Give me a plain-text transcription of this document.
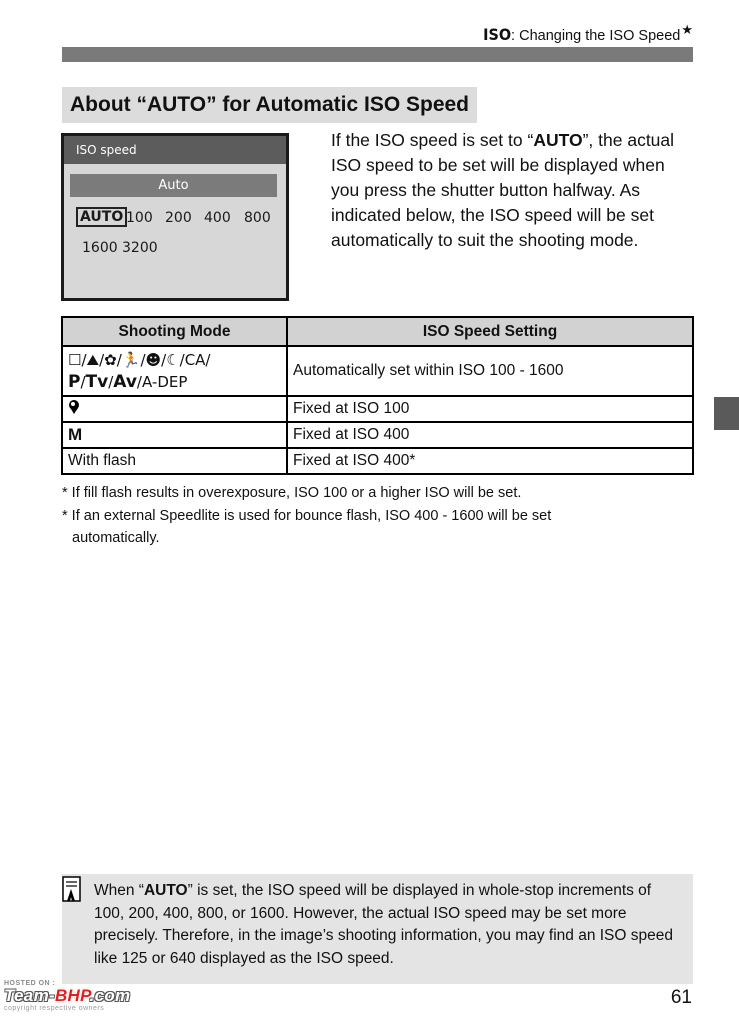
ISO: Changing the ISO Speed★
About “AUTO” for Automatic ISO Speed
ISO speed
Auto
AUTO 100 200 400 800
1600 3200
If the ISO speed is set to “AUTO”, the actual ISO speed to be set will be displayed when you press the shutter button halfway. As indicated below, the ISO speed will be set automatically to suit the shooting mode.
Shooting Mode	ISO Speed Setting

☐/⛰/✿/🏃/☻/☾/CA/
P/Tv/Av/A-DEP	Automatically set within ISO 100 - 1600
	Fixed at ISO 100
M	Fixed at ISO 400
With flash	Fixed at ISO 400*
* If fill flash results in overexposure, ISO 100 or a higher ISO will be set.
* If an external Speedlite is used for bounce flash, ISO 400 - 1600 will be set
automatically.
When “AUTO” is set, the ISO speed will be displayed in whole-stop increments of 100, 200, 400, 800, or 1600. However, the actual ISO speed may be set more precisely. Therefore, in the image’s shooting information, you may find an ISO speed like 125 or 640 displayed as the ISO speed.
61
HOSTED ON :
Team-BHP.com
copyright respective owners
